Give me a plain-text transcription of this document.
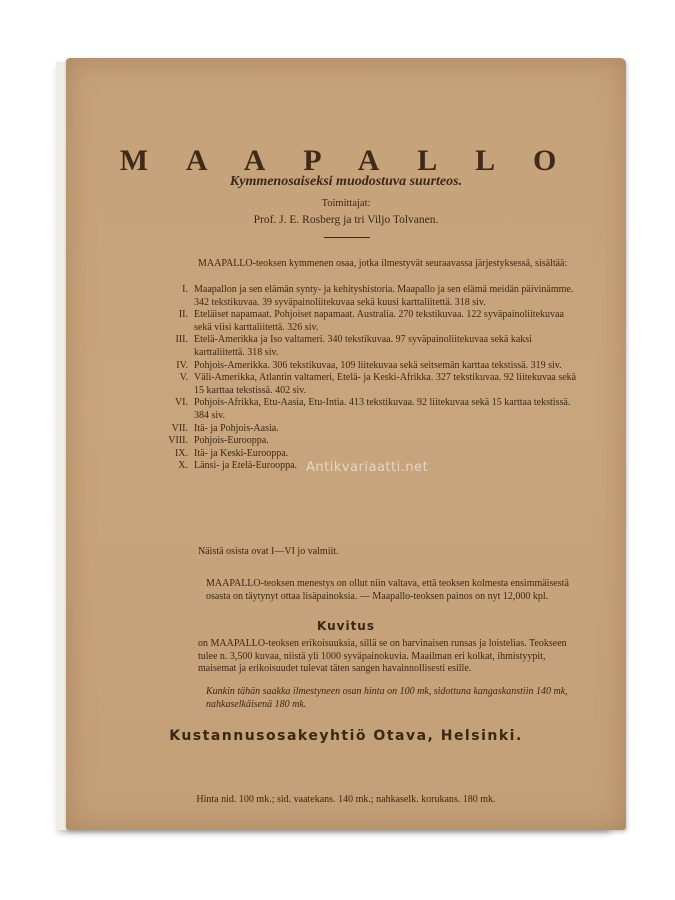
M A A P A L L O
Kymmenosaiseksi muodostuva suurteos.
Toimittajat:
Prof. J. E. Rosberg ja tri Viljo Tolvanen.
MAAPALLO-teoksen kymmenen osaa, jotka ilmestyvät seuraavassa järjestyksessä, sisältää:
I. Maapallon ja sen elämän synty- ja kehityshistoria. Maapallo ja sen elämä meidän päivinämme. 342 tekstikuvaa. 39 syväpainoliitekuvaa sekä kuusi karttaliitettä. 318 siv.
II. Eteläiset napamaat. Pohjoiset napamaat. Australia. 270 tekstikuvaa. 122 syväpainoliitekuvaa sekä viisi karttaliitettä. 326 siv.
III. Etelä-Amerikka ja Iso valtameri. 340 tekstikuvaa. 97 syväpainoliitekuvaa sekä kaksi karttaliitettä. 318 siv.
IV. Pohjois-Amerikka. 306 tekstikuvaa, 109 liitekuvaa sekä seitsemän karttaa tekstissä. 319 siv.
V. Väli-Amerikka, Atlantin valtameri, Etelä- ja Keski-Afrikka. 327 tekstikuvaa. 92 liitekuvaa sekä 15 karttaa tekstissä. 402 siv.
VI. Pohjois-Afrikka, Etu-Aasia, Etu-Intia. 413 tekstikuvaa. 92 liitekuvaa sekä 15 karttaa tekstissä. 384 siv.
VII. Itä- ja Pohjois-Aasia.
VIII. Pohjois-Eurooppa.
IX. Itä- ja Keski-Eurooppa.
X. Länsi- ja Etelä-Eurooppa.
Näistä osista ovat I—VI jo valmiit.
MAAPALLO-teoksen menestys on ollut niin valtava, että teoksen kolmesta ensimmäisestä osasta on täytynyt ottaa lisäpainoksia. — Maapallo-teoksen painos on nyt 12,000 kpl.
Kuvitus
on MAAPALLO-teoksen erikoisuuksia, sillä se on harvinaisen runsas ja loistelias. Teokseen tulee n. 3,500 kuvaa, niistä yli 1000 syväpainokuvia. Maailman eri kolkat, ihmistyypit, maisemat ja erikoisuudet tulevat täten sangen havainnollisesti esille.
Kunkin tähän saakka ilmestyneen osan hinta on 100 mk, sidottuna kangaskanstiin 140 mk, nahkaselkäisenä 180 mk.
Kustannusosakeyhtiö Otava, Helsinki.
Hinta nid. 100 mk.; sid. vaatekans. 140 mk.; nahkaselk. korukans. 180 mk.
Antikvariaatti.net
